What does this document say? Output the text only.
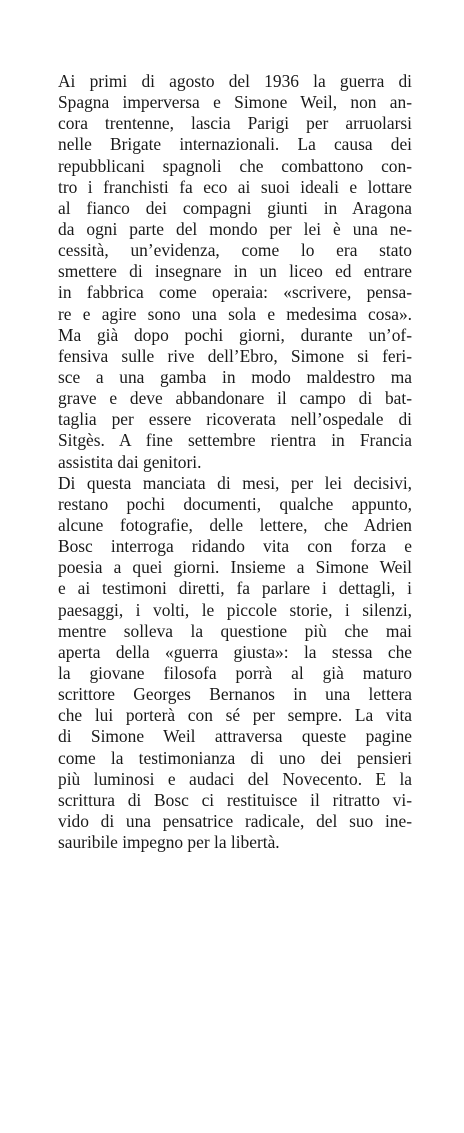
Ai primi di agosto del 1936 la guerra di
Spagna imperversa e Simone Weil, non an-
cora trentenne, lascia Parigi per arruolarsi
nelle Brigate internazionali. La causa dei
repubblicani spagnoli che combattono con-
tro i franchisti fa eco ai suoi ideali e lottare
al fianco dei compagni giunti in Aragona
da ogni parte del mondo per lei è una ne-
cessità, un’evidenza, come lo era stato
smettere di insegnare in un liceo ed entrare
in fabbrica come operaia: «scrivere, pensa-
re e agire sono una sola e medesima cosa».
Ma già dopo pochi giorni, durante un’of-
fensiva sulle rive dell’Ebro, Simone si feri-
sce a una gamba in modo maldestro ma
grave e deve abbandonare il campo di bat-
taglia per essere ricoverata nell’ospedale di
Sitgès. A fine settembre rientra in Francia
assistita dai genitori.
Di questa manciata di mesi, per lei decisivi,
restano pochi documenti, qualche appunto,
alcune fotografie, delle lettere, che Adrien
Bosc interroga ridando vita con forza e
poesia a quei giorni. Insieme a Simone Weil
e ai testimoni diretti, fa parlare i dettagli, i
paesaggi, i volti, le piccole storie, i silenzi,
mentre solleva la questione più che mai
aperta della «guerra giusta»: la stessa che
la giovane filosofa porrà al già maturo
scrittore Georges Bernanos in una lettera
che lui porterà con sé per sempre. La vita
di Simone Weil attraversa queste pagine
come la testimonianza di uno dei pensieri
più luminosi e audaci del Novecento. E la
scrittura di Bosc ci restituisce il ritratto vi-
vido di una pensatrice radicale, del suo ine-
sauribile impegno per la libertà.
